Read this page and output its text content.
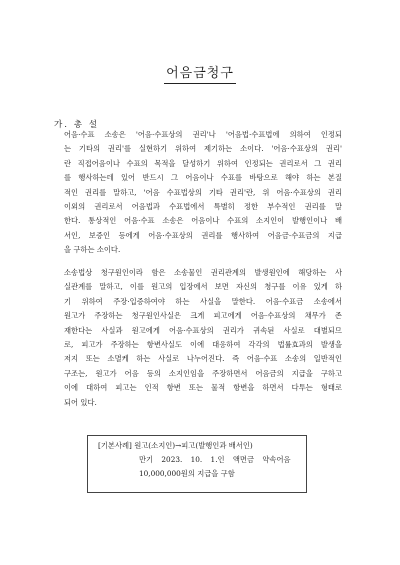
어음금청구
가. 총 설
어음·수표 소송은 '어음·수표상의 권리'나 '어음법·수표법에 의하여 인정되
는 기타의 권리'를 실현하기 위하여 제기하는 소이다. '어음·수표상의 권리'
란 직접어음이나 수표의 목적을 달성하기 위하여 인정되는 권리로서 그 권리
를 행사하는데 있어 반드시 그 어음이나 수표를 바탕으로 해야 하는 본질
적인 권리를 말하고, '어음 수표법상의 기타 권리'란, 위 어음·수표상의 권리
이외의 권리로서 어음법과 수표법에서 특별히 정한 부수적인 권리를 말
한다. 통상적인 어음·수표 소송은 어음이나 수표의 소지인이 발행인이나 배
서인, 보증인 등에게 어음·수표상의 권리를 행사하여 어음금·수표금의 지급
을 구하는 소이다.
소송법상 청구원인이라 함은 소송물인 권리관계의 발생원인에 해당하는 사
실관계를 말하고, 이를 원고의 입장에서 보면 자신의 청구를 이유 있게 하
기 위하여 주장·입증하여야 하는 사실을 말한다. 어음·수표금 소송에서
원고가 주장하는 청구원인사실은 크게 피고에게 어음·수표상의 채무가 존
재한다는 사실과 원고에게 어음·수표상의 권리가 귀속된 사실로 대별되므
로, 피고가 주장하는 항변사실도 이에 대응하여 각각의 법률효과의 발생을
저지 또는 소멸케 하는 사실로 나누어진다. 즉 어음·수표 소송의 일반적인
구조는, 원고가 어음 등의 소지인임을 주장하면서 어음금의 지급을 구하고
이에 대하여 피고는 인적 항변 또는 물적 항변을 하면서 다투는 형태로
되어 있다.
[기본사례] 원고(소지인)→피고(발행인과 배서인)
만기 2023. 10. 1.인 액면금 약속어음
10,000,000원의 지급을 구함
